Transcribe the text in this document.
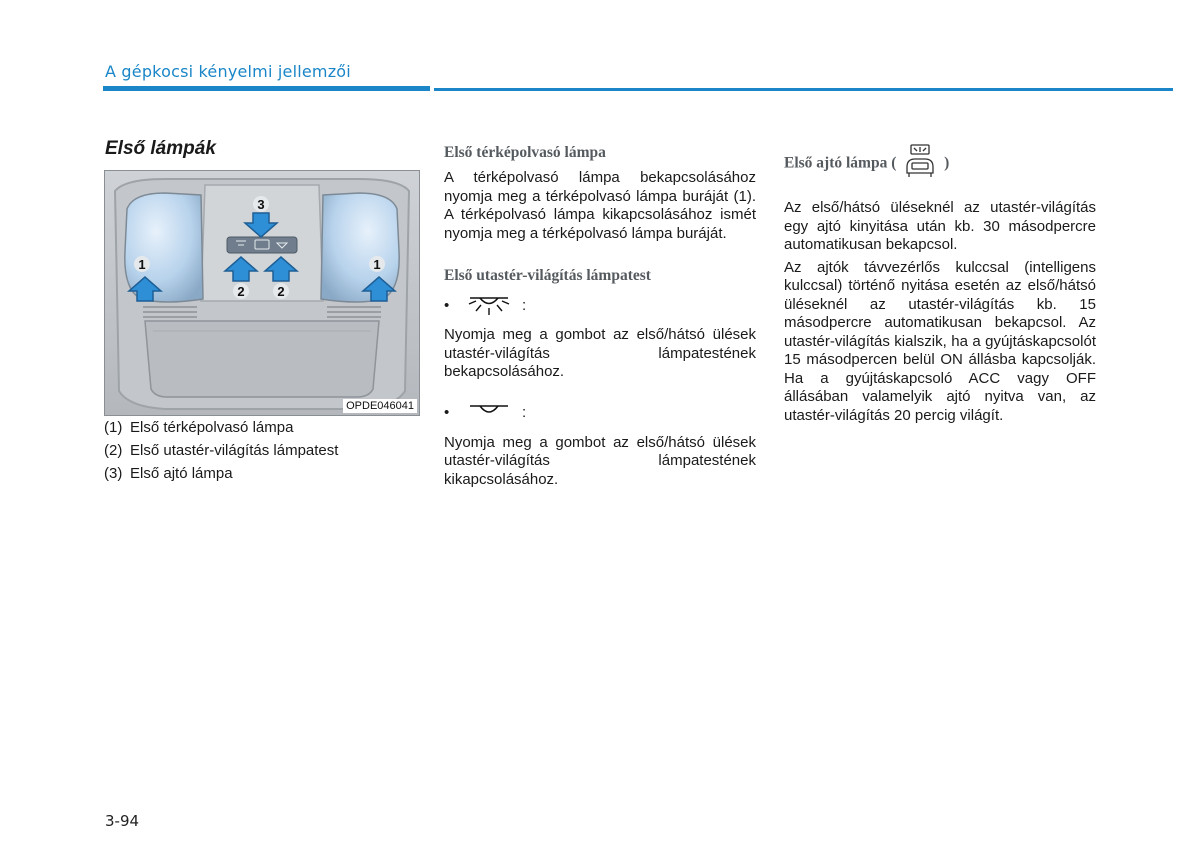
A gépkocsi kényelmi jellemzői
Első lámpák
3
2	2
1	1
OPDE046041
(1) Első térképolvasó lámpa
(2) Első utastér-világítás lámpatest
(3) Első ajtó lámpa
Első térképolvasó lámpa

A térképolvasó lámpa bekapcsolásához nyomja meg a térképolvasó lámpa buráját (1). A térképolvasó lámpa kikapcsolásához ismét nyomja meg a térképolvasó lámpa buráját.

Első utastér-világítás lámpatest
•	:

Nyomja meg a gombot az első/hátsó ülések utastér-világítás lámpatestének bekapcsolásához.

•	:

Nyomja meg a gombot az első/hátsó ülések utastér-világítás lámpatestének kikapcsolásához.

Első ajtó lámpa (	)

Az első/hátsó üléseknél az utastér-világítás egy ajtó kinyitása után kb. 30 másodpercre automatikusan bekapcsol.

Az ajtók távvezérlős kulccsal (intelligens kulccsal) történő nyitása esetén az első/hátsó üléseknél az utastér-világítás kb. 15 másodpercre automatikusan bekapcsol. Az utastér-világítás kialszik, ha a gyújtáskapcsolót 15 másodpercen belül ON állásba kapcsolják. Ha a gyújtáskapcsoló ACC vagy OFF állásában valamelyik ajtó nyitva van, az utastér-világítás 20 percig világít.

3-94
